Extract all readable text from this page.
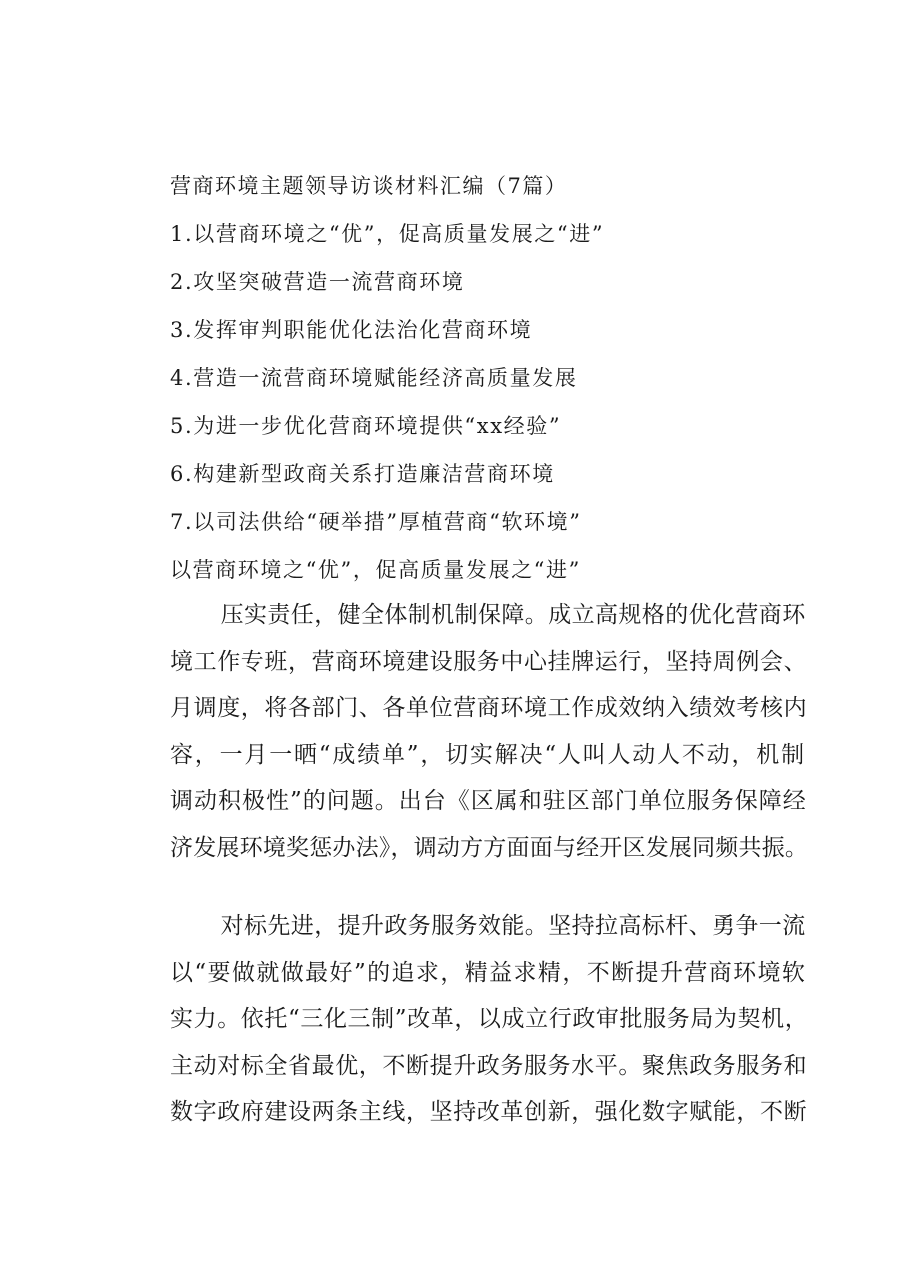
营商环境主题领导访谈材料汇编（7篇）
1.以营商环境之“优”，促高质量发展之“进”
2.攻坚突破营造一流营商环境
3.发挥审判职能优化法治化营商环境
4.营造一流营商环境赋能经济高质量发展
5.为进一步优化营商环境提供“xx经验”
6.构建新型政商关系打造廉洁营商环境
7.以司法供给“硬举措”厚植营商“软环境”
以营商环境之“优”，促高质量发展之“进”
压实责任，健全体制机制保障。成立高规格的优化营商环
境工作专班，营商环境建设服务中心挂牌运行，坚持周例会、
月调度，将各部门、各单位营商环境工作成效纳入绩效考核内
容，一月一晒“成绩单”，切实解决“人叫人动人不动，机制
调动积极性”的问题。出台《区属和驻区部门单位服务保障经
济发展环境奖惩办法》，调动方方面面与经开区发展同频共振。
对标先进，提升政务服务效能。坚持拉高标杆、勇争一流
以“要做就做最好”的追求，精益求精，不断提升营商环境软
实力。依托“三化三制”改革，以成立行政审批服务局为契机，
主动对标全省最优，不断提升政务服务水平。聚焦政务服务和
数字政府建设两条主线，坚持改革创新，强化数字赋能，不断
